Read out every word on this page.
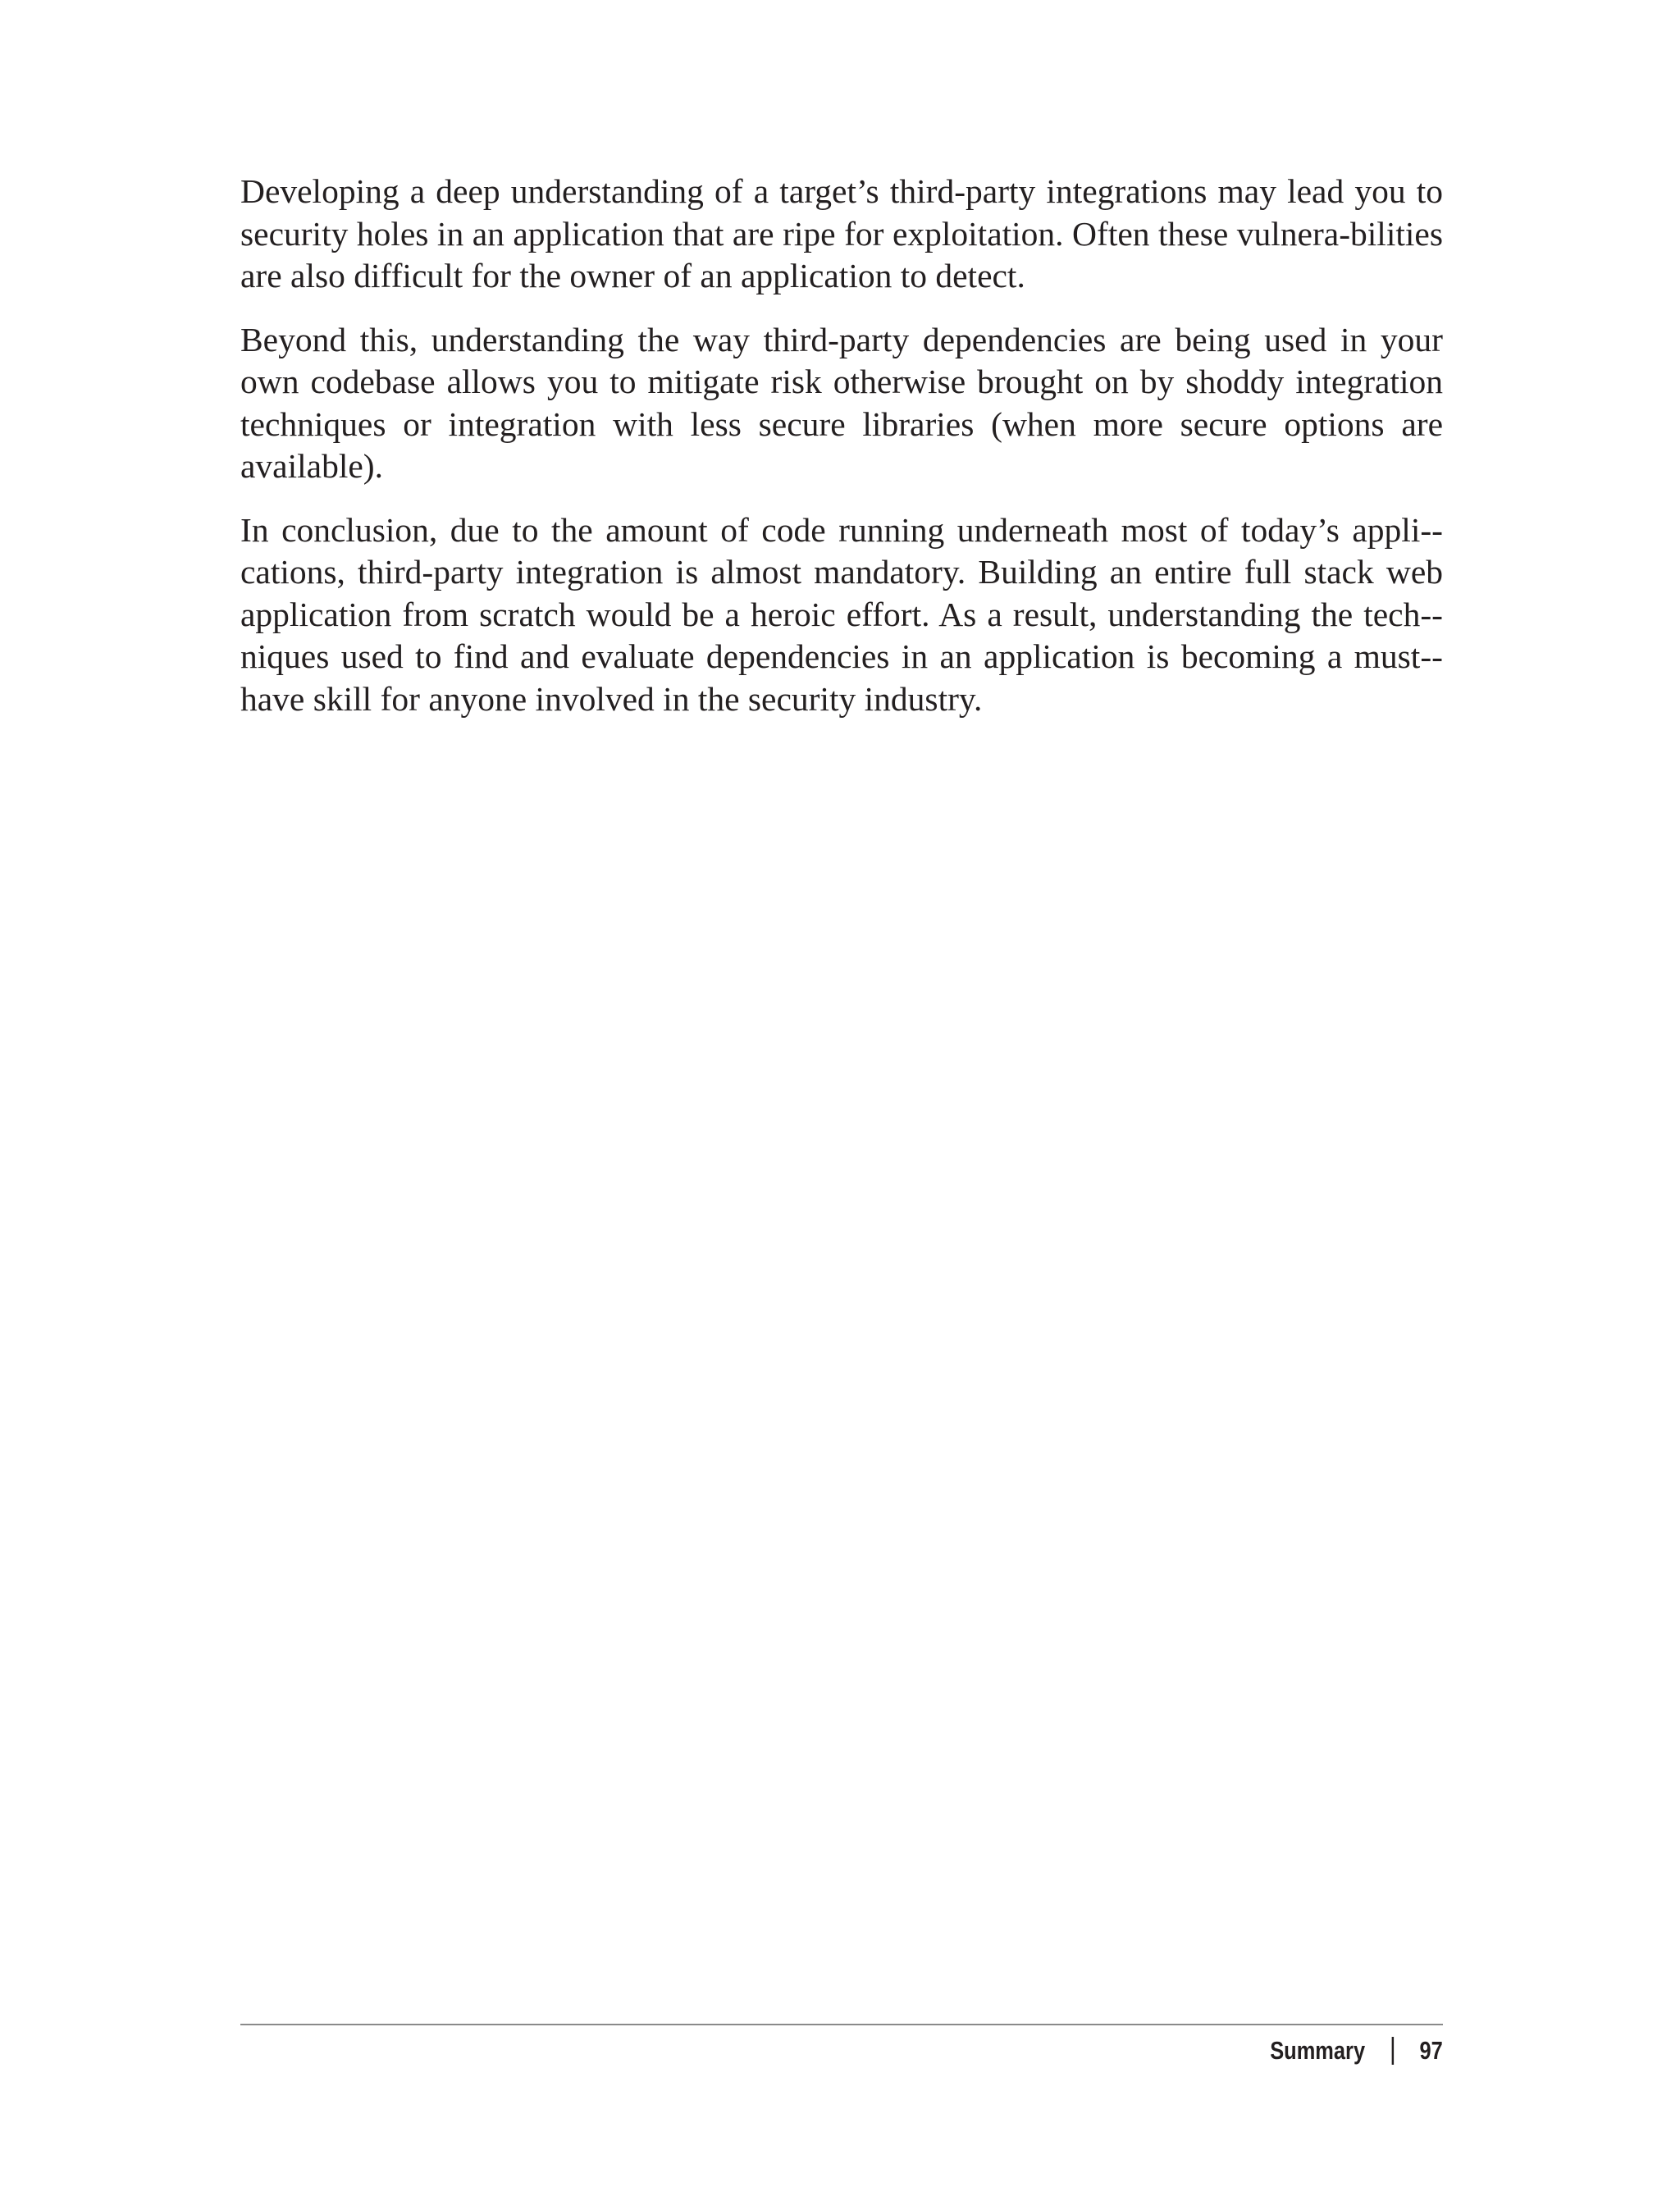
Developing a deep understanding of a target’s third-party integrations may lead you to security holes in an application that are ripe for exploitation. Often these vulnera-bilities are also difficult for the owner of an application to detect.

Beyond this, understanding the way third-party dependencies are being used in your own codebase allows you to mitigate risk otherwise brought on by shoddy integration techniques or integration with less secure libraries (when more secure options are available).

In conclusion, due to the amount of code running underneath most of today’s appli-cations, third-party integration is almost mandatory. Building an entire full stack web application from scratch would be a heroic effort. As a result, understanding the tech-niques used to find and evaluate dependencies in an application is becoming a must-have skill for anyone involved in the security industry.

Summary 97
